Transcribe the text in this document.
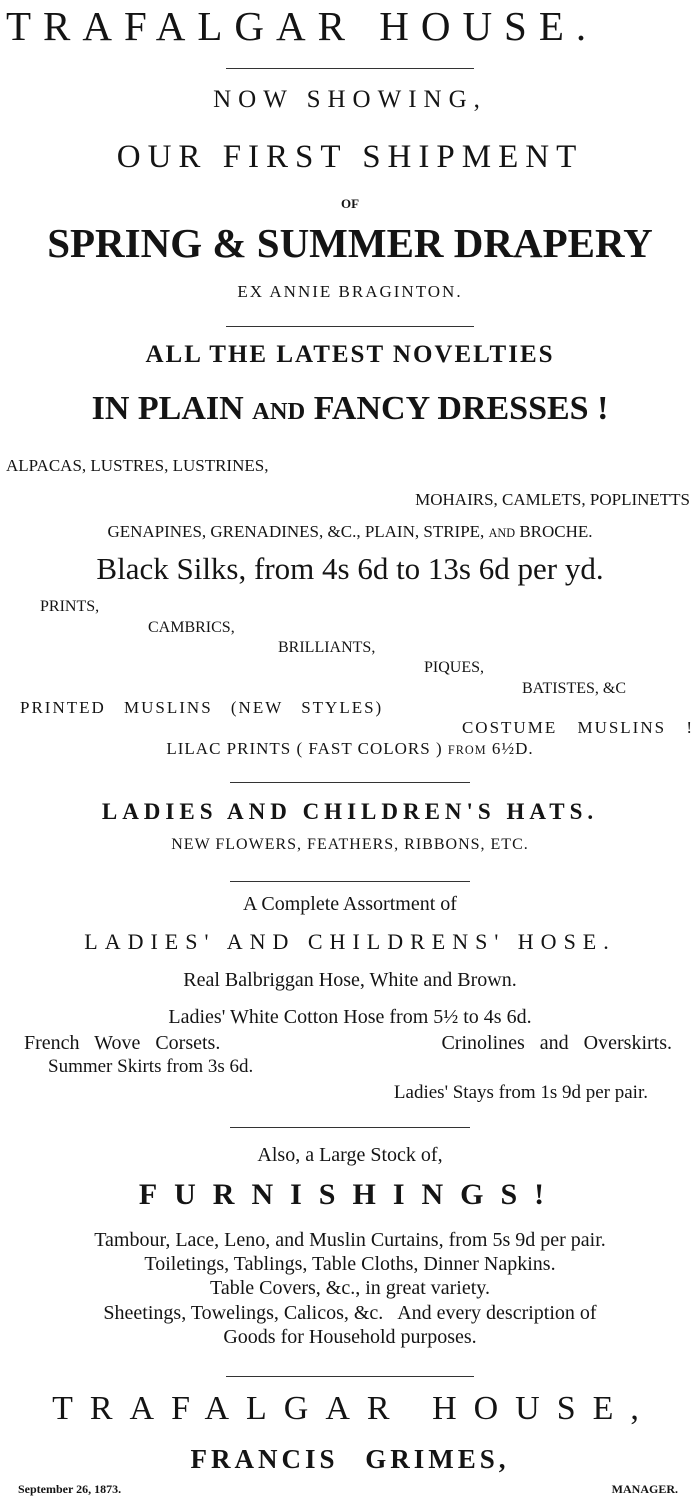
TRAFALGAR HOUSE.
NOW SHOWING,
OUR FIRST SHIPMENT
OF
SPRING & SUMMER DRAPERY
EX ANNIE BRAGINTON.
ALL THE LATEST NOVELTIES
IN PLAIN AND FANCY DRESSES !
ALPACAS, LUSTRES, LUSTRINES,
MOHAIRS, CAMLETS, POPLINETTS
GENAPINES, GRENADINES, &C., PLAIN, STRIPE, AND BROCHE.
Black Silks, from 4s 6d to 13s 6d per yd.
PRINTS,
CAMBRICS,
BRILLIANTS,
PIQUES,
BATISTES, &C
PRINTED MUSLINS (NEW STYLES)
COSTUME MUSLINS !
LILAC PRINTS ( FAST COLORS ) FROM 6½D.
LADIES AND CHILDREN'S HATS.
NEW FLOWERS, FEATHERS, RIBBONS, ETC.
A Complete Assortment of
LADIES' AND CHILDRENS' HOSE.
Real Balbriggan Hose, White and Brown.
Ladies' White Cotton Hose from 5½ to 4s 6d.
French Wove Corsets.	Crinolines and Overskirts.
Summer Skirts from 3s 6d.
Ladies' Stays from 1s 9d per pair.
Also, a Large Stock of,
FURNISHINGS!
Tambour, Lace, Leno, and Muslin Curtains, from 5s 9d per pair.
Toiletings, Tablings, Table Cloths, Dinner Napkins.
Table Covers, &c., in great variety.
Sheetings, Towelings, Calicos, &c.   And every description of
Goods for Household purposes.
TRAFALGAR HOUSE,
FRANCIS GRIMES,
September 26, 1873.	MANAGER.
